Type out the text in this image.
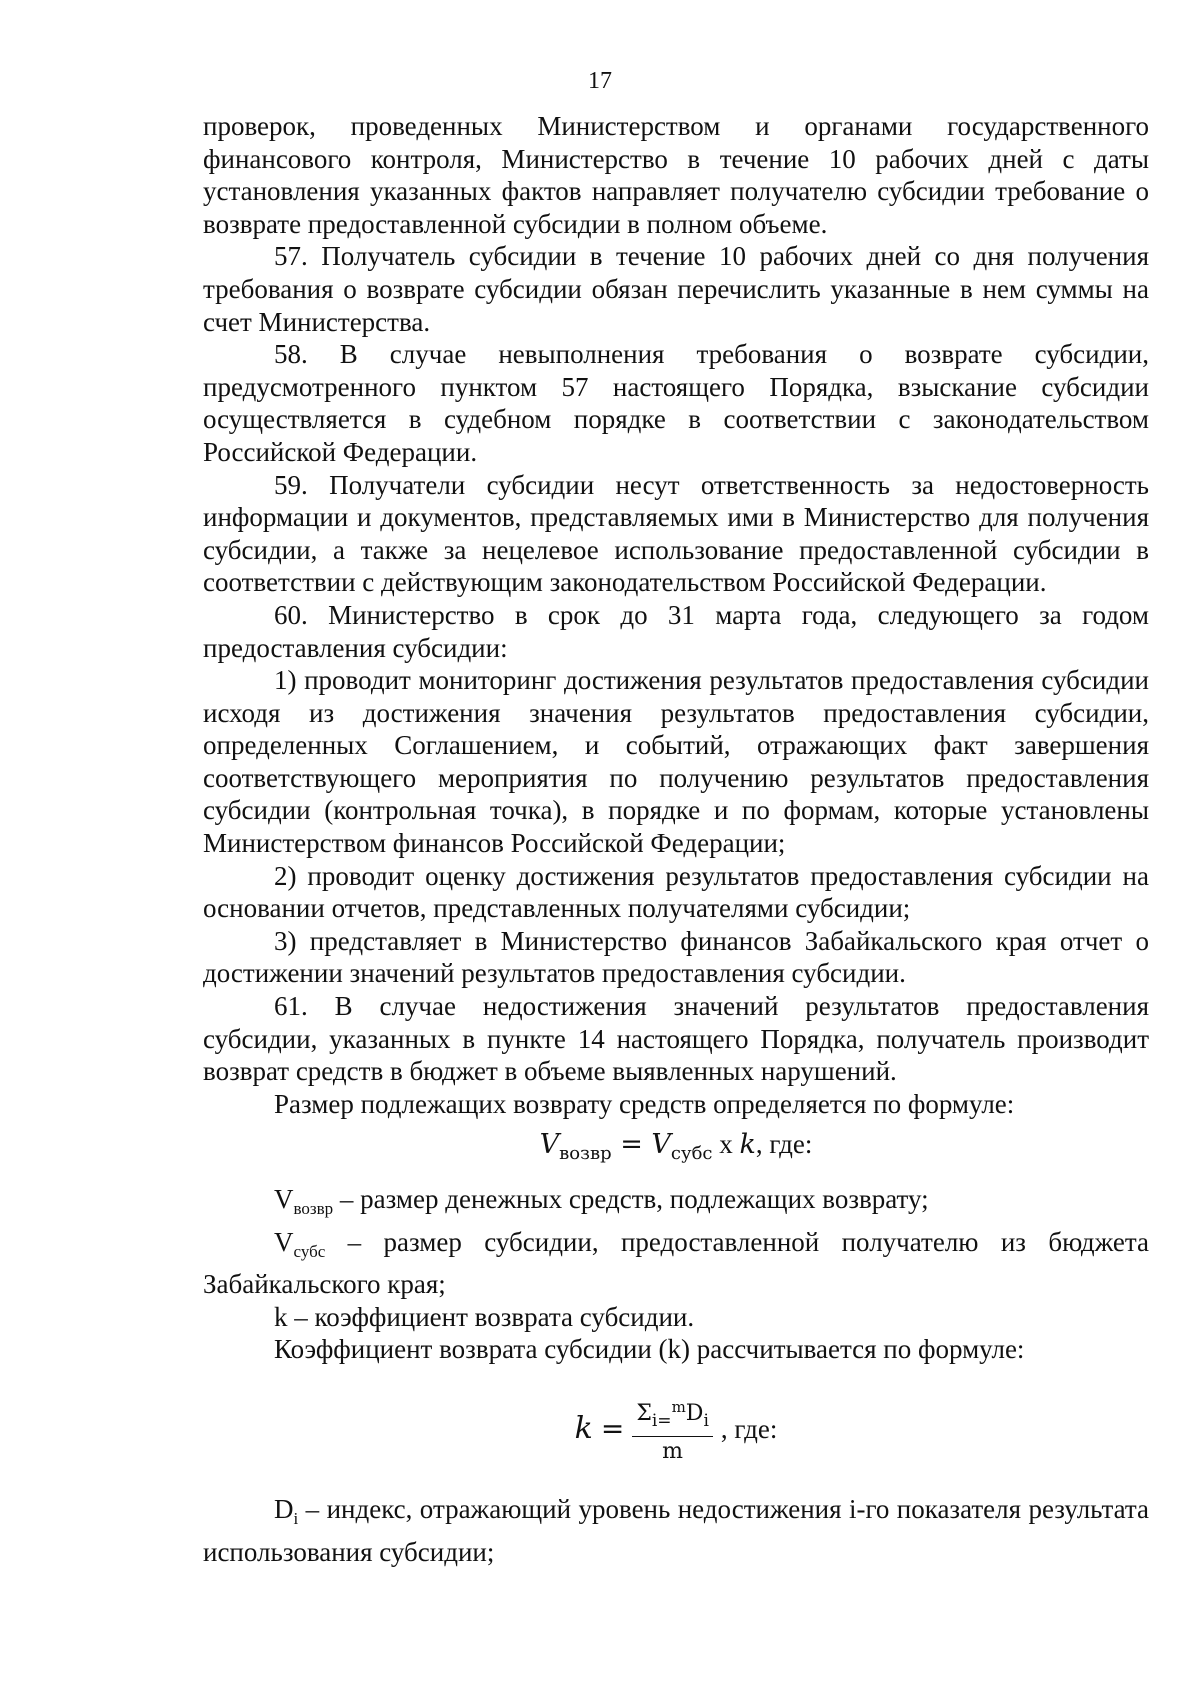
17

проверок, проведенных Министерством и органами государственного финансового контроля, Министерство в течение 10 рабочих дней с даты установления указанных фактов направляет получателю субсидии требование о возврате предоставленной субсидии в полном объеме.

57. Получатель субсидии в течение 10 рабочих дней со дня получения требования о возврате субсидии обязан перечислить указанные в нем суммы на счет Министерства.

58. В случае невыполнения требования о возврате субсидии, предусмотренного пунктом 57 настоящего Порядка, взыскание субсидии осуществляется в судебном порядке в соответствии с законодательством Российской Федерации.

59. Получатели субсидии несут ответственность за недостоверность информации и документов, представляемых ими в Министерство для получения субсидии, а также за нецелевое использование предоставленной субсидии в соответствии с действующим законодательством Российской Федерации.

60. Министерство в срок до 31 марта года, следующего за годом предоставления субсидии:

1) проводит мониторинг достижения результатов предоставления субсидии исходя из достижения значения результатов предоставления субсидии, определенных Соглашением, и событий, отражающих факт завершения соответствующего мероприятия по получению результатов предоставления субсидии (контрольная точка), в порядке и по формам, которые установлены Министерством финансов Российской Федерации;

2) проводит оценку достижения результатов предоставления субсидии на основании отчетов, представленных получателями субсидии;

3) представляет в Министерство финансов Забайкальского края отчет о достижении значений результатов предоставления субсидии.

61. В случае недостижения значений результатов предоставления субсидии, указанных в пункте 14 настоящего Порядка, получатель производит возврат средств в бюджет в объеме выявленных нарушений.

Размер подлежащих возврату средств определяется по формуле:

$V_{возвр} = V_{субс}$ x k, где:

$V_{возвр}$ – размер денежных средств, подлежащих возврату;

$V_{субс}$ – размер субсидии, предоставленной получателю из бюджета Забайкальского края;

k – коэффициент возврата субсидии.

Коэффициент возврата субсидии (k) рассчитывается по формуле:

$k = \frac{\Sigma_{i=}^mD_i}{m}$ , где:

$D_i$ – индекс, отражающий уровень недостижения i-го показателя результата использования субсидии;
